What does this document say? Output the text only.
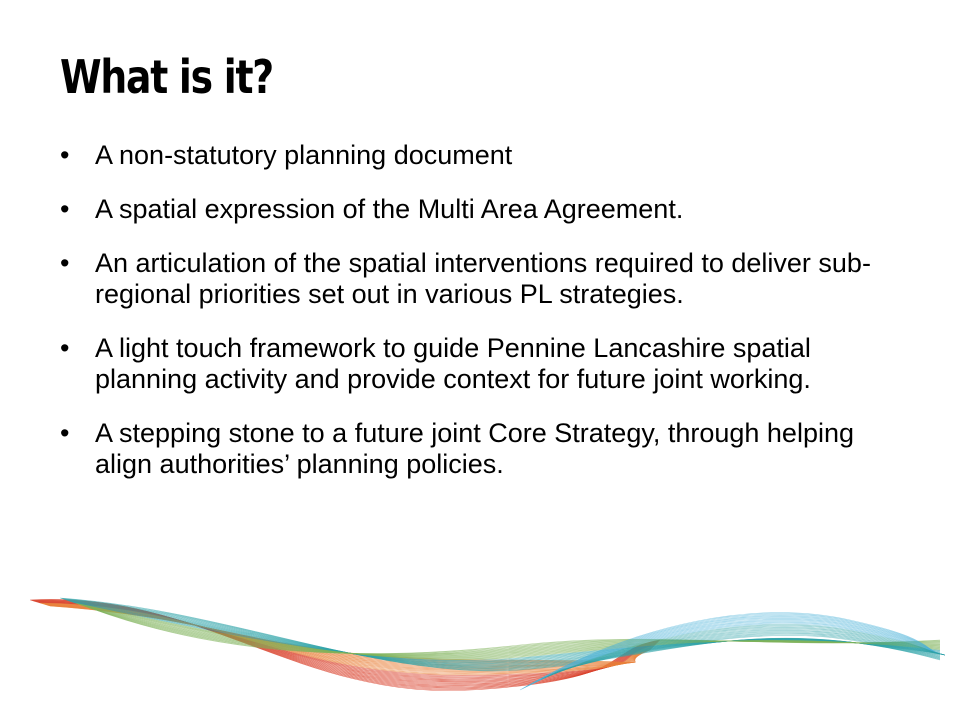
What is it?
• A non-statutory planning document
• A spatial expression of the Multi Area Agreement.
• An articulation of the spatial interventions required to deliver sub-regional priorities set out in various PL strategies.
• A light touch framework to guide Pennine Lancashire spatial planning activity and provide context for future joint working.
• A stepping stone to a future joint Core Strategy, through helping align authorities’ planning policies.
